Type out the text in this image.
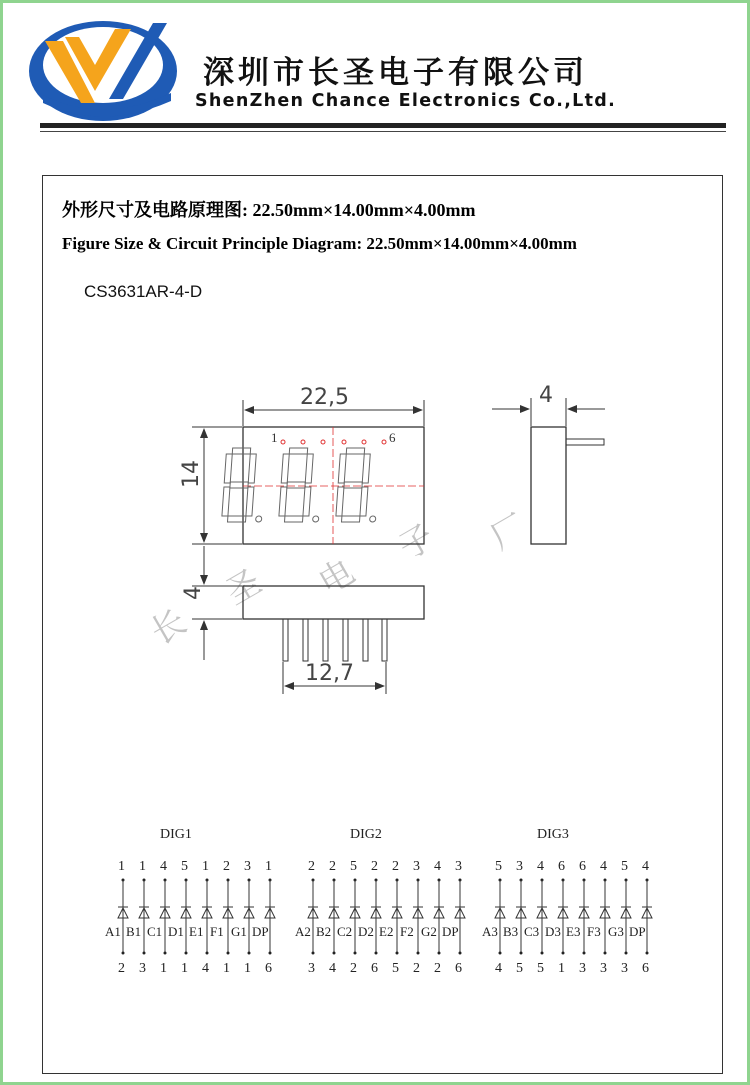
深圳市长圣电子有限公司
ShenZhen Chance Electronics Co.,Ltd.
外形尺寸及电路原理图: 22.50mm×14.00mm×4.00mm
Figure Size & Circuit Principle Diagram: 22.50mm×14.00mm×4.00mm
CS3631AR-4-D
长
圣 电
子 厂
1	6
22,5
14
4
4
12,7
DIG1
1
A1
2
1
B1
3
4
C1
1
5
D1
1
1
E1
4
2
F1
1
3
G1
1
1
DP
6
DIG2
2
A2
3
2
B2
4
5
C2
2
2
D2
6
2
E2
5
3
F2
2
4
G2
2
3
DP
6
DIG3
5
A3
4
3
B3
5
4
C3
5
6
D3
1
6
E3
3
4
F3
3
5
G3
3
4
DP
6
